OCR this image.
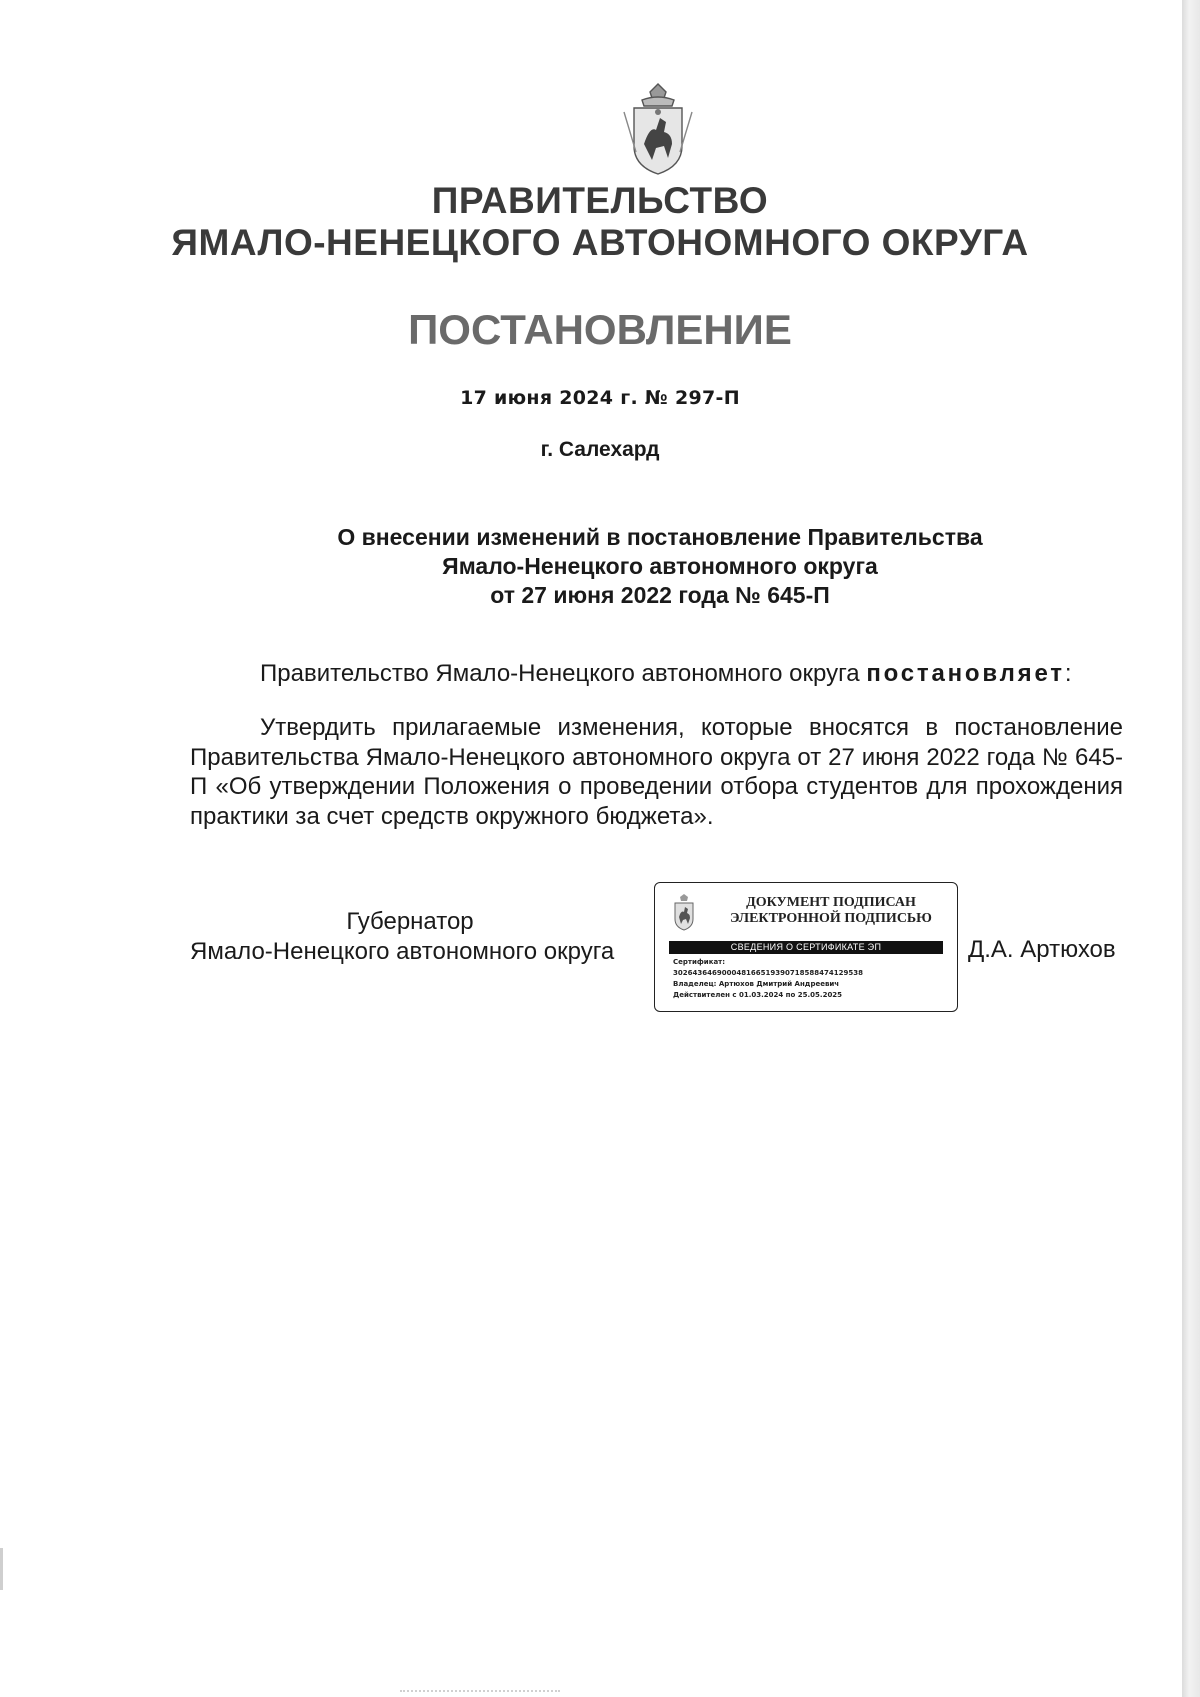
ПРАВИТЕЛЬСТВО
ЯМАЛО-НЕНЕЦКОГО АВТОНОМНОГО ОКРУГА
ПОСТАНОВЛЕНИЕ
17 июня 2024 г. № 297-П
г. Салехард

О внесении изменений в постановление Правительства
Ямало-Ненецкого автономного округа
от 27 июня 2022 года № 645-П

Правительство Ямало-Ненецкого автономного округа постановляет:

Утвердить прилагаемые изменения, которые вносятся в постановление Правительства Ямало-Ненецкого автономного округа от 27 июня 2022 года № 645-П «Об утверждении Положения о проведении отбора студентов для прохождения практики за счет средств окружного бюджета».

Губернатор
Ямало-Ненецкого автономного округа

ДОКУМЕНТ ПОДПИСАН
ЭЛЕКТРОННОЙ ПОДПИСЬЮ
СВЕДЕНИЯ О СЕРТИФИКАТЕ ЭП
Сертификат:
302643646900048166519390718588474129538
Владелец: Артюхов Дмитрий Андреевич
Действителен с 01.03.2024 по 25.05.2025

Д.А. Артюхов
